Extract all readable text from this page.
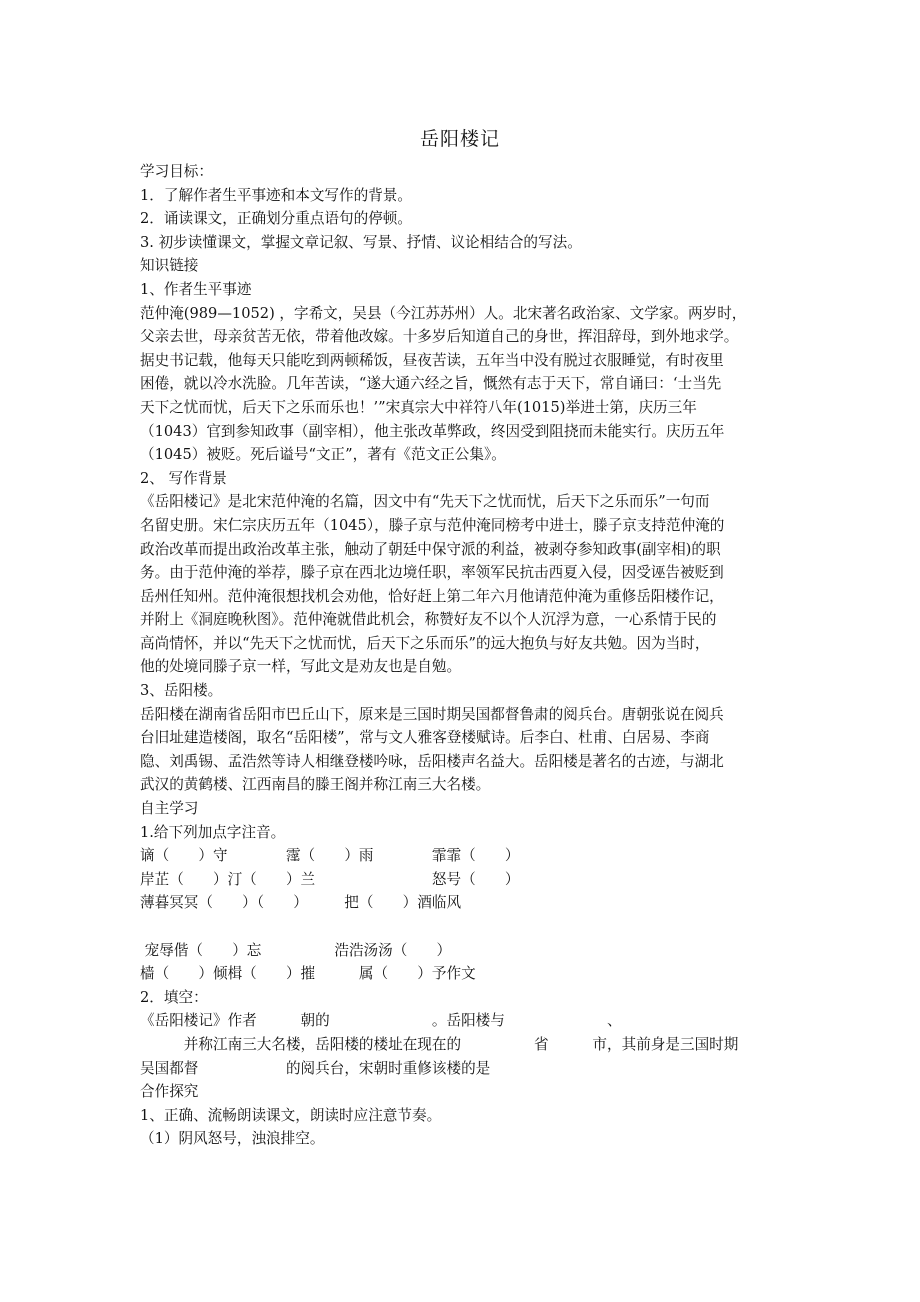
岳阳楼记

学习目标：

1．了解作者生平事迹和本文写作的背景。

2．诵读课文，正确划分重点语句的停顿。

3. 初步读懂课文，掌握文章记叙、写景、抒情、议论相结合的写法。

知识链接

1、作者生平事迹

范仲淹(989—1052) ，字希文，吴县（今江苏苏州）人。北宋著名政治家、文学家。两岁时，

父亲去世，母亲贫苦无依，带着他改嫁。十多岁后知道自己的身世，挥泪辞母，到外地求学。

据史书记载，他每天只能吃到两顿稀饭，昼夜苦读，五年当中没有脱过衣服睡觉，有时夜里

困倦，就以冷水洗脸。几年苦读，“遂大通六经之旨，慨然有志于天下，常自诵曰：‘士当先

天下之忧而忧，后天下之乐而乐也！’”宋真宗大中祥符八年(1015)举进士第，庆历三年

（1043）官到参知政事（副宰相），他主张改革弊政，终因受到阻挠而未能实行。庆历五年

（1045）被贬。死后谥号“文正”，著有《范文正公集》。

2、 写作背景

《岳阳楼记》是北宋范仲淹的名篇，因文中有“先天下之忧而忧，后天下之乐而乐”一句而

名留史册。宋仁宗庆历五年（1045），滕子京与范仲淹同榜考中进士，滕子京支持范仲淹的

政治改革而提出政治改革主张，触动了朝廷中保守派的利益，被剥夺参知政事(副宰相)的职

务。由于范仲淹的举荐，滕子京在西北边境任职，率领军民抗击西夏入侵，因受诬告被贬到

岳州任知州。范仲淹很想找机会劝他，恰好赶上第二年六月他请范仲淹为重修岳阳楼作记，

并附上《洞庭晚秋图》。范仲淹就借此机会，称赞好友不以个人沉浮为意，一心系情于民的

高尚情怀，并以“先天下之忧而忧，后天下之乐而乐”的远大抱负与好友共勉。因为当时，

他的处境同滕子京一样，写此文是劝友也是自勉。

3、岳阳楼。

岳阳楼在湖南省岳阳市巴丘山下，原来是三国时期吴国都督鲁肃的阅兵台。唐朝张说在阅兵

台旧址建造楼阁，取名“岳阳楼”，常与文人雅客登楼赋诗。后李白、杜甫、白居易、李商

隐、刘禹锡、孟浩然等诗人相继登楼吟咏，岳阳楼声名益大。岳阳楼是著名的古迹，与湖北

武汉的黄鹤楼、江西南昌的滕王阁并称江南三大名楼。

自主学习

1.给下列加点字注音。

谪（　　）守　　　　霪（　　）雨　　　　霏霏（　　）

岸芷（　　）汀（　　）兰　　　　　　　　怒号（　　）

薄暮冥冥（　　）（　　）　　　把（　　）酒临风

宠辱偕（　　）忘　　　　　浩浩汤汤（　　）

樯（　　）倾楫（　　）摧　　　属（　　）予作文

2．填空：

《岳阳楼记》作者　　　朝的　　　　　　　。岳阳楼与　　　　　　　、

　　　并称江南三大名楼，岳阳楼的楼址在现在的　　　　　省　　　市，其前身是三国时期

吴国都督　　　　　　的阅兵台，宋朝时重修该楼的是

合作探究

1、正确、流畅朗读课文，朗读时应注意节奏。

（1）阴风怒号，浊浪排空。
